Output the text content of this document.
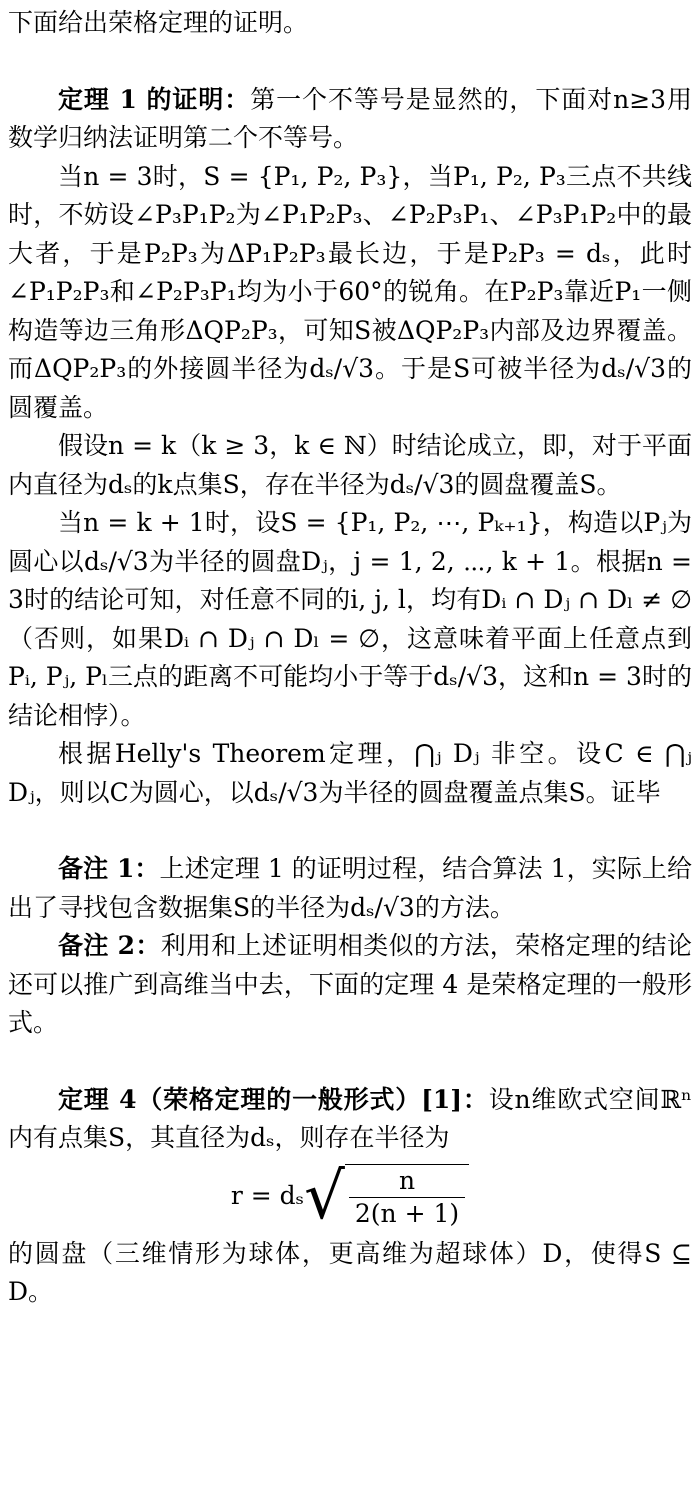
下面给出荣格定理的证明。

定理 1 的证明：第一个不等号是显然的，下面对n≥3用数学归纳法证明第二个不等号。

当n = 3时，S = {P₁, P₂, P₃}，当P₁, P₂, P₃三点不共线时，不妨设∠P₃P₁P₂为∠P₁P₂P₃、∠P₂P₃P₁、∠P₃P₁P₂中的最大者，于是P₂P₃为ΔP₁P₂P₃最长边，于是P₂P₃ = dₛ，此时∠P₁P₂P₃和∠P₂P₃P₁均为小于60°的锐角。在P₂P₃靠近P₁一侧构造等边三角形ΔQP₂P₃，可知S被ΔQP₂P₃内部及边界覆盖。而ΔQP₂P₃的外接圆半径为dₛ/√3。于是S可被半径为dₛ/√3的圆覆盖。

假设n = k（k ≥ 3，k ∈ ℕ）时结论成立，即，对于平面内直径为dₛ的k点集S，存在半径为dₛ/√3的圆盘覆盖S。

当n = k + 1时，设S = {P₁, P₂, ⋯, Pₖ₊₁}，构造以Pⱼ为圆心以dₛ/√3为半径的圆盘Dⱼ，j = 1, 2, ⋯, k + 1。根据n = 3时的结论可知，对任意不同的i, j, l，均有Dᵢ ∩ Dⱼ ∩ Dₗ ≠ ∅（否则，如果Dᵢ ∩ Dⱼ ∩ Dₗ = ∅，这意味着平面上任意点到Pᵢ, Pⱼ, Pₗ三点的距离不可能均小于等于dₛ/√3，这和n = 3时的结论相悖）。

根据Helly's Theorem定理，⋂ⱼ Dⱼ 非空。设C ∈ ⋂ⱼ Dⱼ，则以C为圆心，以dₛ/√3为半径的圆盘覆盖点集S。证毕

备注 1：上述定理 1 的证明过程，结合算法 1，实际上给出了寻找包含数据集S的半径为dₛ/√3的方法。

备注 2：利用和上述证明相类似的方法，荣格定理的结论还可以推广到高维当中去，下面的定理 4 是荣格定理的一般形式。

定理 4（荣格定理的一般形式）[1]：设n维欧式空间ℝⁿ内有点集S，其直径为dₛ，则存在半径为

$r = d_s√ \frac{n}{2(n + 1)}$

的圆盘（三维情形为球体，更高维为超球体）D，使得S ⊆ D。
